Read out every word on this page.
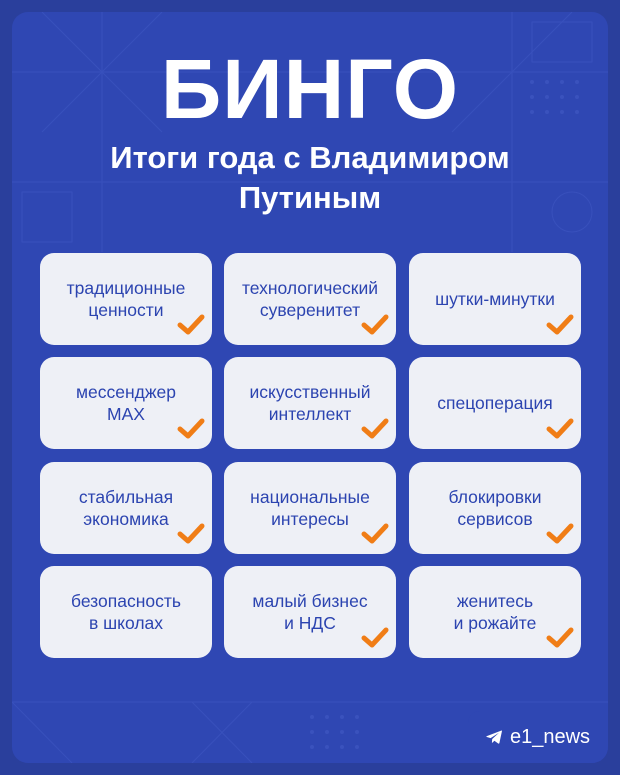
БИНГО
Итоги года с Владимиром Путиным
традиционные
ценности
технологический
суверенитет
шутки-минутки
мессенджер
MAX
искусственный
интеллект
спецоперация
стабильная
экономика
национальные
интересы
блокировки
сервисов
безопасность
в школах
малый бизнес
и НДС
женитесь
и рожайте
e1_news
